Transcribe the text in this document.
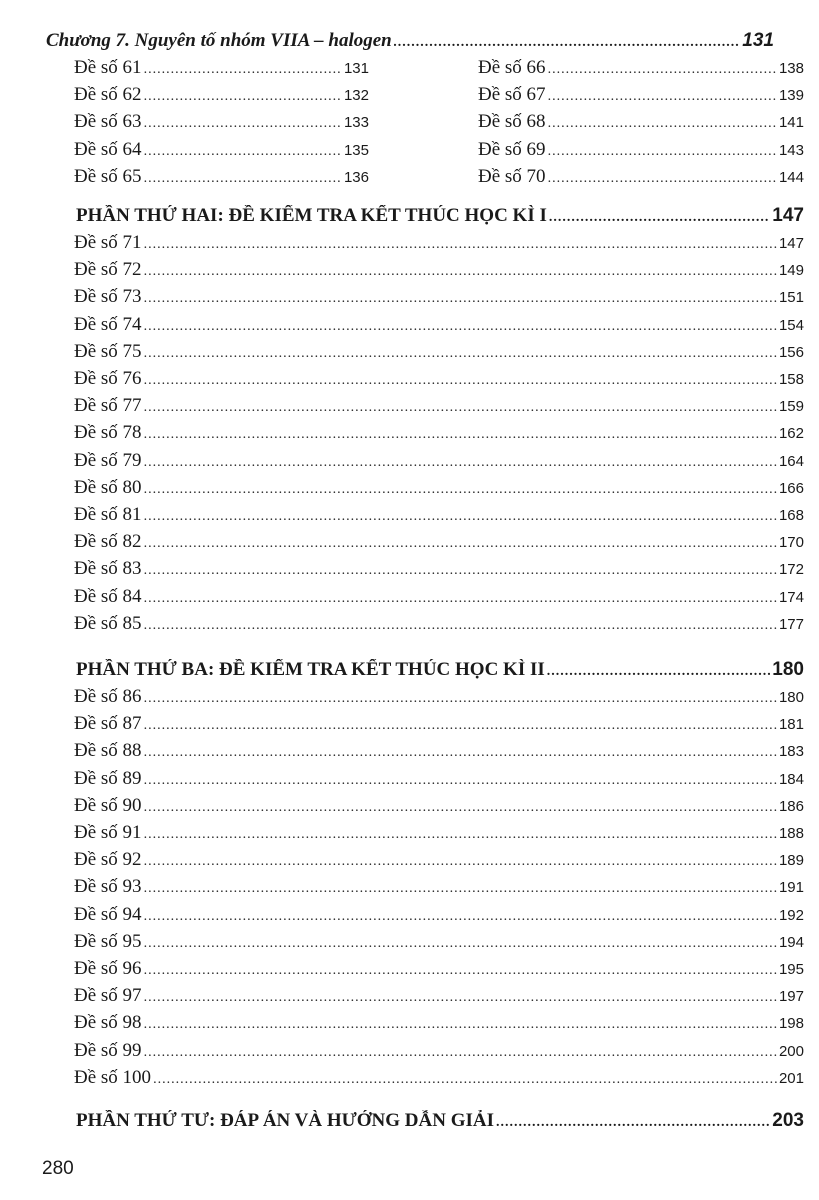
Chương 7. Nguyên tố nhóm VIIA – halogen .....	131
Đề số 61 .....	131
Đề số 62 .....	132
Đề số 63 .....	133
Đề số 64 .....	135
Đề số 65 .....	136
Đề số 66 .....	138
Đề số 67 .....	139
Đề số 68 .....	141
Đề số 69 .....	143
Đề số 70 .....	144
PHẦN THỨ HAI: ĐỀ KIỂM TRA KẾT THÚC HỌC KÌ I .....	147
Đề số 71 .....	147
Đề số 72 .....	149
Đề số 73 .....	151
Đề số 74 .....	154
Đề số 75 .....	156
Đề số 76 .....	158
Đề số 77 .....	159
Đề số 78 .....	162
Đề số 79 .....	164
Đề số 80 .....	166
Đề số 81 .....	168
Đề số 82 .....	170
Đề số 83 .....	172
Đề số 84 .....	174
Đề số 85 .....	177
PHẦN THỨ BA: ĐỀ KIỂM TRA KẾT THÚC HỌC KÌ II .....	180
Đề số 86 .....	180
Đề số 87 .....	181
Đề số 88 .....	183
Đề số 89 .....	184
Đề số 90 .....	186
Đề số 91 .....	188
Đề số 92 .....	189
Đề số 93 .....	191
Đề số 94 .....	192
Đề số 95 .....	194
Đề số 96 .....	195
Đề số 97 .....	197
Đề số 98 .....	198
Đề số 99 .....	200
Đề số 100 .....	201
PHẦN THỨ TƯ: ĐÁP ÁN VÀ HƯỚNG DẪN GIẢI .....	203
280
